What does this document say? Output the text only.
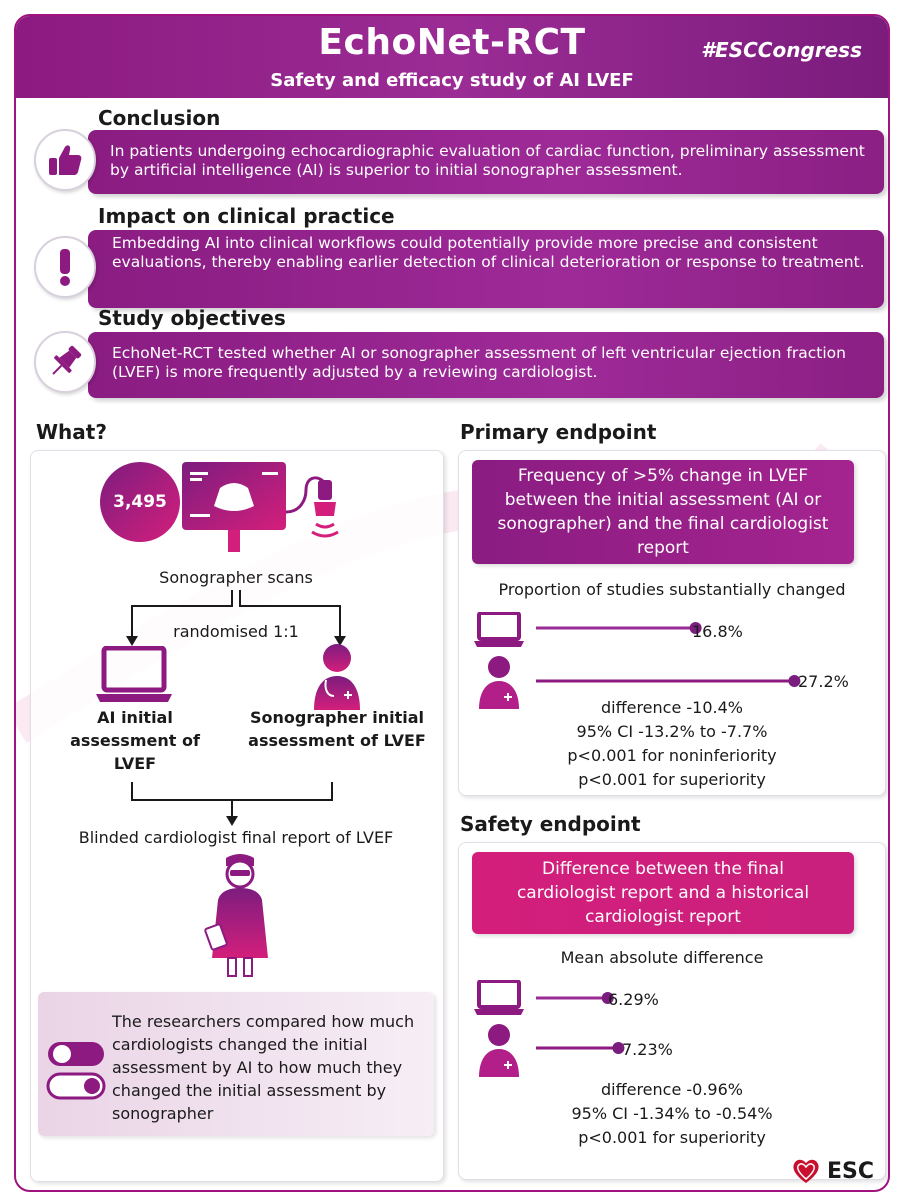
EchoNet-RCT
Safety and efficacy study of AI LVEF
#ESCCongress
Conclusion
In patients undergoing echocardiographic evaluation of cardiac function, preliminary assessment by artificial intelligence (AI) is superior to initial sonographer assessment.
Impact on clinical practice
Embedding AI into clinical workflows could potentially provide more precise and consistent evaluations, thereby enabling earlier detection of clinical deterioration or response to treatment.
Study objectives
EchoNet-RCT tested whether AI or sonographer assessment of left ventricular ejection fraction (LVEF) is more frequently adjusted by a reviewing cardiologist.
What?
3,495
Sonographer scans
randomised 1:1
AI initial assessment of LVEF
Sonographer initial assessment of LVEF
Blinded cardiologist final report of LVEF
The researchers compared how much cardiologists changed the initial assessment by AI to how much they changed the initial assessment by sonographer
Primary endpoint
Frequency of >5% change in LVEF between the initial assessment (AI or sonographer) and the final cardiologist report
Proportion of studies substantially changed
16.8%
27.2%
difference -10.4%
95% CI -13.2% to -7.7%
p<0.001 for noninferiority
p<0.001 for superiority
Safety endpoint
Difference between the final cardiologist report and a historical cardiologist report
Mean absolute difference
6.29%
7.23%
difference -0.96%
95% CI -1.34% to -0.54%
p<0.001 for superiority
ESC
